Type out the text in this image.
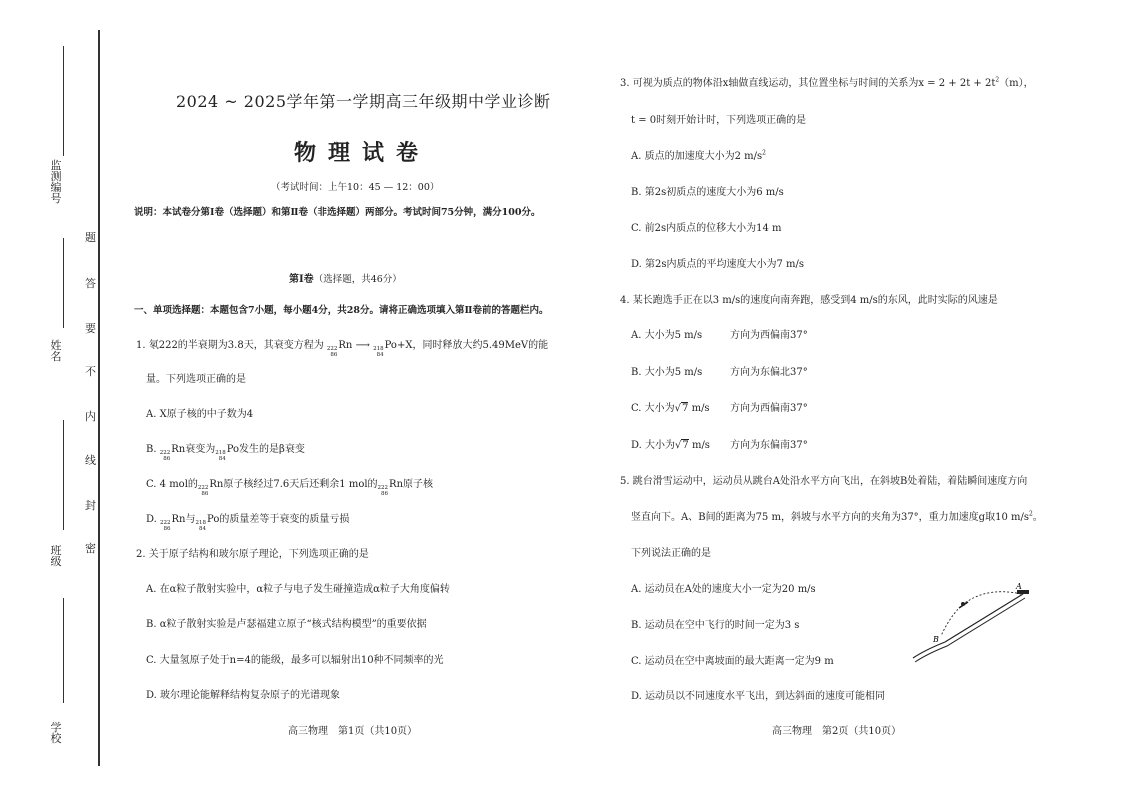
监测编号
姓　名
班　级
学　校
题
答
要
不
内
线
封
密
2024 ~ 2025学年第一学期高三年级期中学业诊断
物理试卷
（考试时间：上午10：45 — 12：00）
说明：本试卷分第Ⅰ卷（选择题）和第Ⅱ卷（非选择题）两部分。考试时间75分钟，满分100分。
第Ⅰ卷（选择题，共46分）
一、单项选择题：本题包含7小题，每小题4分，共28分。请将正确选项填入第Ⅱ卷前的答题栏内。
1. 氡222的半衰期为3.8天，其衰变方程为 222
86
Rn ⟶ 218
84
Po+X，同时释放大约5.49MeV的能
量。下列选项正确的是
A. X原子核的中子数为4
B. 222
86
Rn衰变为 218
84
Po发生的是β衰变
C. 4 mol的 222
86
Rn原子核经过7.6天后还剩余1 mol的 222
86
Rn原子核
D. 222
86
Rn与 218
84
Po的质量差等于衰变的质量亏损
2. 关于原子结构和玻尔原子理论，下列选项正确的是
A. 在α粒子散射实验中，α粒子与电子发生碰撞造成α粒子大角度偏转
B. α粒子散射实验是卢瑟福建立原子“核式结构模型”的重要依据
C. 大量氢原子处于n=4的能级，最多可以辐射出10种不同频率的光
D. 玻尔理论能解释结构复杂原子的光谱现象
高三物理　第1页（共10页）
3. 可视为质点的物体沿x轴做直线运动，其位置坐标与时间的关系为$x = 2 + 2t + 2t^2(m)$，
t = 0时刻开始计时，下列选项正确的是
A. 质点的加速度大小为2 $m/s^2$
B. 第2s初质点的速度大小为6 m/s
C. 前2s内质点的位移大小为14 m
D. 第2s内质点的平均速度大小为7 m/s
4. 某长跑选手正在以3 m/s的速度向南奔跑，感受到4 m/s的东风，此时实际的风速是
A. 大小为5 m/s	方向为西偏南37°
B. 大小为5 m/s	方向为东偏北37°
C. 大小为√7 m/s 方向为西偏南37°
D. 大小为√7 m/s 方向为东偏南37°
5. 跳台滑雪运动中，运动员从跳台A处沿水平方向飞出，在斜坡B处着陆，着陆瞬间速度方向
竖直向下。A、B间的距离为75 m，斜坡与水平方向的夹角为37°，重力加速度g取10 $m/s^2$。
下列说法正确的是
A. 运动员在A处的速度大小一定为20 m/s
B. 运动员在空中飞行的时间一定为3 s
C. 运动员在空中离坡面的最大距离一定为9 m
D. 运动员以不同速度水平飞出，到达斜面的速度可能相同
A
B
高三物理　第2页（共10页）
